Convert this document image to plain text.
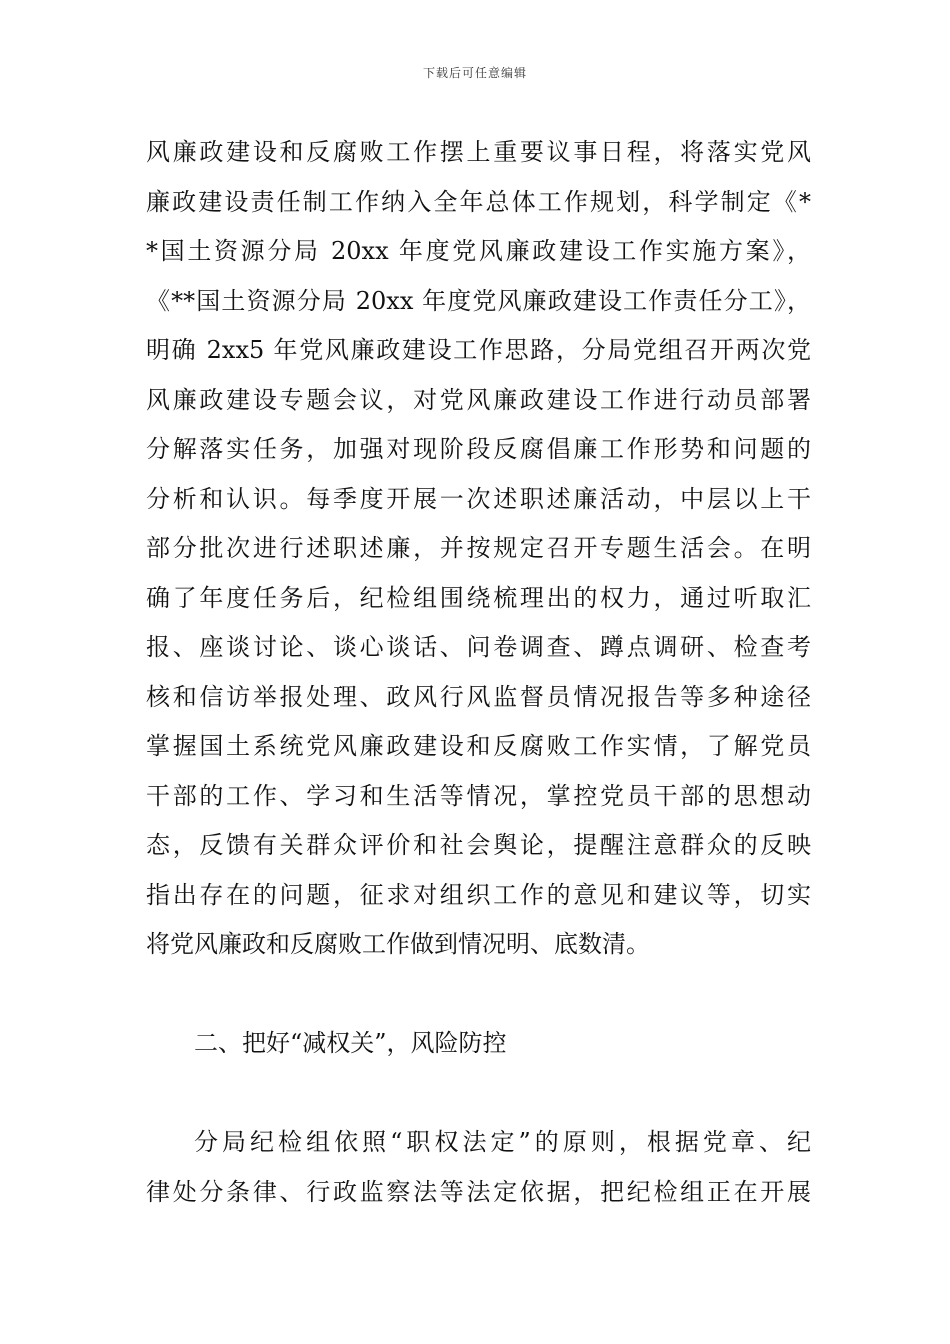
下载后可任意编辑
风廉政建设和反腐败工作摆上重要议事日程，将落实党风
廉政建设责任制工作纳入全年总体工作规划，科学制定《*
*国土资源分局 20xx 年度党风廉政建设工作实施方案》，
《**国土资源分局 20xx 年度党风廉政建设工作责任分工》，
明确 2xx5 年党风廉政建设工作思路，分局党组召开两次党
风廉政建设专题会议，对党风廉政建设工作进行动员部署
分解落实任务，加强对现阶段反腐倡廉工作形势和问题的
分析和认识。每季度开展一次述职述廉活动，中层以上干
部分批次进行述职述廉，并按规定召开专题生活会。在明
确了年度任务后，纪检组围绕梳理出的权力，通过听取汇
报、座谈讨论、谈心谈话、问卷调查、蹲点调研、检查考
核和信访举报处理、政风行风监督员情况报告等多种途径
掌握国土系统党风廉政建设和反腐败工作实情，了解党员
干部的工作、学习和生活等情况，掌控党员干部的思想动
态，反馈有关群众评价和社会舆论，提醒注意群众的反映
指出存在的问题，征求对组织工作的意见和建议等，切实
将党风廉政和反腐败工作做到情况明、底数清。
二、把好“减权关”，风险防控
分局纪检组依照“职权法定”的原则，根据党章、纪
律处分条律、行政监察法等法定依据，把纪检组正在开展
